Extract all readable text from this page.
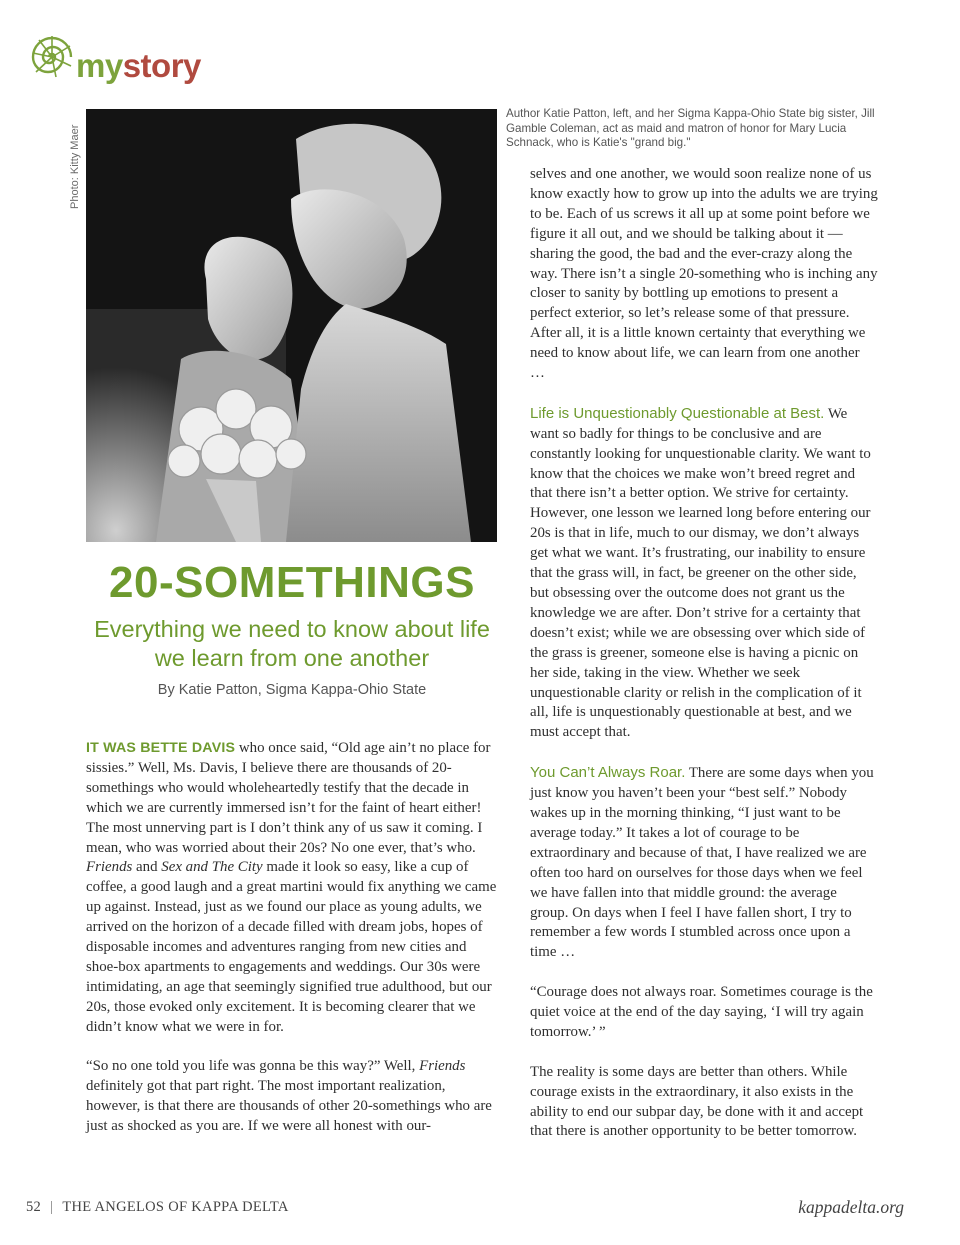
mystory
Photo: Kitty Maer
Author Katie Patton, left, and her Sigma Kappa-Ohio State big sister, Jill Gamble Coleman, act as maid and matron of honor for Mary Lucia Schnack, who is Katie's "grand big."
20-SOMETHINGS
Everything we need to know about life we learn from one another
By Katie Patton, Sigma Kappa-Ohio State

IT WAS BETTE DAVIS who once said, “Old age ain’t no place for sissies.” Well, Ms. Davis, I believe there are thousands of 20-somethings who would wholeheartedly testify that the decade in which we are currently immersed isn’t for the faint of heart either! The most unnerving part is I don’t think any of us saw it coming. I mean, who was worried about their 20s? No one ever, that’s who. Friends and Sex and The City made it look so easy, like a cup of coffee, a good laugh and a great martini would fix anything we came up against. Instead, just as we found our place as young adults, we arrived on the horizon of a decade filled with dream jobs, hopes of disposable incomes and adventures ranging from new cities and shoe-box apartments to engagements and weddings. Our 30s were intimidating, an age that seemingly signified true adulthood, but our 20s, those evoked only excitement. It is becoming clearer that we didn’t know what we were in for.

“So no one told you life was gonna be this way?” Well, Friends definitely got that part right. The most important realization, however, is that there are thousands of other 20-somethings who are just as shocked as you are. If we were all honest with our-

selves and one another, we would soon realize none of us know exactly how to grow up into the adults we are trying to be. Each of us screws it all up at some point before we figure it all out, and we should be talking about it — sharing the good, the bad and the ever-crazy along the way. There isn’t a single 20-something who is inching any closer to sanity by bottling up emotions to present a perfect exterior, so let’s release some of that pressure. After all, it is a little known certainty that everything we need to know about life, we can learn from one another …

Life is Unquestionably Questionable at Best. We want so badly for things to be conclusive and are constantly looking for unquestionable clarity. We want to know that the choices we make won’t breed regret and that there isn’t a better option. We strive for certainty. However, one lesson we learned long before entering our 20s is that in life, much to our dismay, we don’t always get what we want. It’s frustrating, our inability to ensure that the grass will, in fact, be greener on the other side, but obsessing over the outcome does not grant us the knowledge we are after. Don’t strive for a certainty that doesn’t exist; while we are obsessing over which side of the grass is greener, someone else is having a picnic on her side, taking in the view. Whether we seek unquestionable clarity or relish in the complication of it all, life is unquestionably questionable at best, and we must accept that.

You Can’t Always Roar. There are some days when you just know you haven’t been your “best self.” Nobody wakes up in the morning thinking, “I just want to be average today.” It takes a lot of courage to be extraordinary and because of that, I have realized we are often too hard on ourselves for those days when we feel we have fallen into that middle ground: the average group. On days when I feel I have fallen short, I try to remember a few words I stumbled across once upon a time …

“Courage does not always roar. Sometimes courage is the quiet voice at the end of the day saying, ‘I will try again tomorrow.’ ”

The reality is some days are better than others. While courage exists in the extraordinary, it also exists in the ability to end our subpar day, be done with it and accept that there is another opportunity to be better tomorrow.

52 | THE ANGELOS OF KAPPA DELTA	kappadelta.org
